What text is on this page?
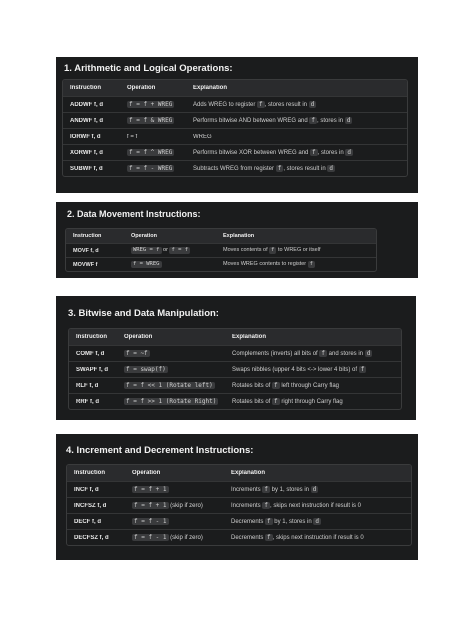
1. Arithmetic and Logical Operations:
Instruction	Operation	Explanation
ADDWF f, d	f = f + WREG	Adds WREG to register f , stores result in d
ANDWF f, d	f = f & WREG	Performs bitwise AND between WREG and f , stores in d
IORWF f, d	f = f	WREG`
XORWF f, d	f = f ^ WREG	Performs bitwise XOR between WREG and f , stores in d
SUBWF f, d	f = f - WREG	Subtracts WREG from register f , stores result in d
2. Data Movement Instructions:
Instruction	Operation	Explanation
MOVF f, d	WREG = f or f = f	Moves contents of f to WREG or itself
MOVWF f	f = WREG	Moves WREG contents to register f
3. Bitwise and Data Manipulation:
Instruction	Operation	Explanation
COMF f, d	f = ~f	Complements (inverts) all bits of f and stores in d
SWAPF f, d	f = swap(f)	Swaps nibbles (upper 4 bits <-> lower 4 bits) of f
RLF f, d	f = f << 1 (Rotate left)	Rotates bits of f left through Carry flag
RRF f, d	f = f >> 1 (Rotate Right)	Rotates bits of f right through Carry flag
4. Increment and Decrement Instructions:
Instruction	Operation	Explanation
INCF f, d	f = f + 1	Increments f by 1, stores in d
INCFSZ f, d	f = f + 1 (skip if zero)	Increments f , skips next instruction if result is 0
DECF f, d	f = f - 1	Decrements f by 1, stores in d
DECFSZ f, d	f = f - 1 (skip if zero)	Decrements f , skips next instruction if result is 0
